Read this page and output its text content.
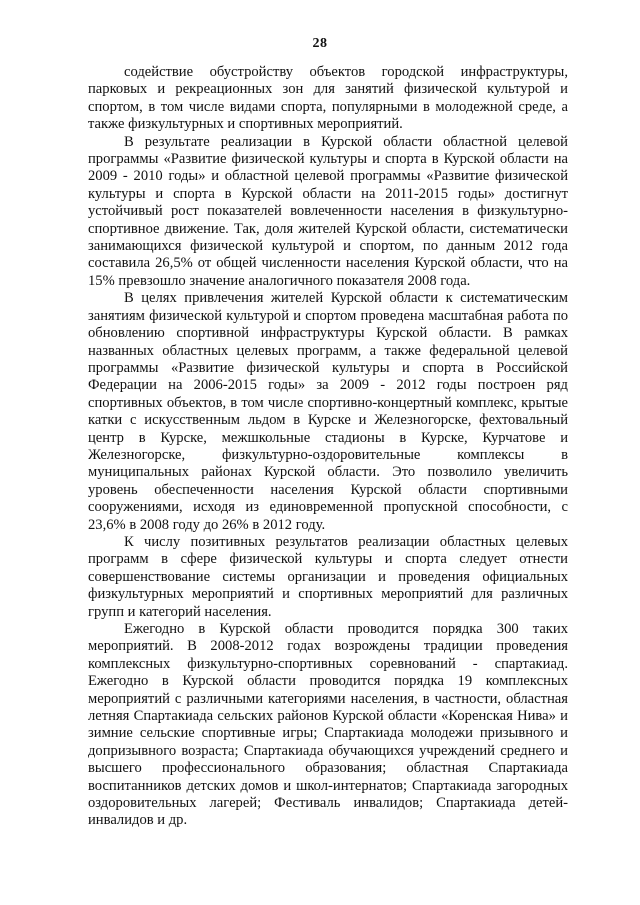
28

содействие обустройству объектов городской инфраструктуры, парковых и рекреационных зон для занятий физической культурой и спортом, в том числе видами спорта, популярными в молодежной среде, а также физкультурных и спортивных мероприятий.

В результате реализации в Курской области областной целевой программы «Развитие физической культуры и спорта в Курской области на 2009 - 2010 годы» и областной целевой программы «Развитие физической культуры и спорта в Курской области на 2011-2015 годы» достигнут устойчивый рост показателей вовлеченности населения в физкультурно-спортивное движение. Так, доля жителей Курской области, систематически занимающихся физической культурой и спортом, по данным 2012 года составила 26,5% от общей численности населения Курской области, что на 15% превзошло значение аналогичного показателя 2008 года.

В целях привлечения жителей Курской области к систематическим занятиям физической культурой и спортом проведена масштабная работа по обновлению спортивной инфраструктуры Курской области. В рамках названных областных целевых программ, а также федеральной целевой программы «Развитие физической культуры и спорта в Российской Федерации на 2006-2015 годы» за 2009 - 2012 годы построен ряд спортивных объектов, в том числе спортивно-концертный комплекс, крытые катки с искусственным льдом в Курске и Железногорске, фехтовальный центр в Курске, межшкольные стадионы в Курске, Курчатове и Железногорске, физкультурно-оздоровительные комплексы в муниципальных районах Курской области. Это позволило увеличить уровень обеспеченности населения Курской области спортивными сооружениями, исходя из единовременной пропускной способности, с 23,6% в 2008 году до 26% в 2012 году.

К числу позитивных результатов реализации областных целевых программ в сфере физической культуры и спорта следует отнести совершенствование системы организации и проведения официальных физкультурных мероприятий и спортивных мероприятий для различных групп и категорий населения.

Ежегодно в Курской области проводится порядка 300 таких мероприятий. В 2008-2012 годах возрождены традиции проведения комплексных физкультурно-спортивных соревнований - спартакиад. Ежегодно в Курской области проводится порядка 19 комплексных мероприятий с различными категориями населения, в частности, областная летняя Спартакиада сельских районов Курской области «Коренская Нива» и зимние сельские спортивные игры; Спартакиада молодежи призывного и допризывного возраста; Спартакиада обучающихся учреждений среднего и высшего профессионального образования; областная Спартакиада воспитанников детских домов и школ-интернатов; Спартакиада загородных оздоровительных лагерей; Фестиваль инвалидов; Спартакиада детей-инвалидов и др.
